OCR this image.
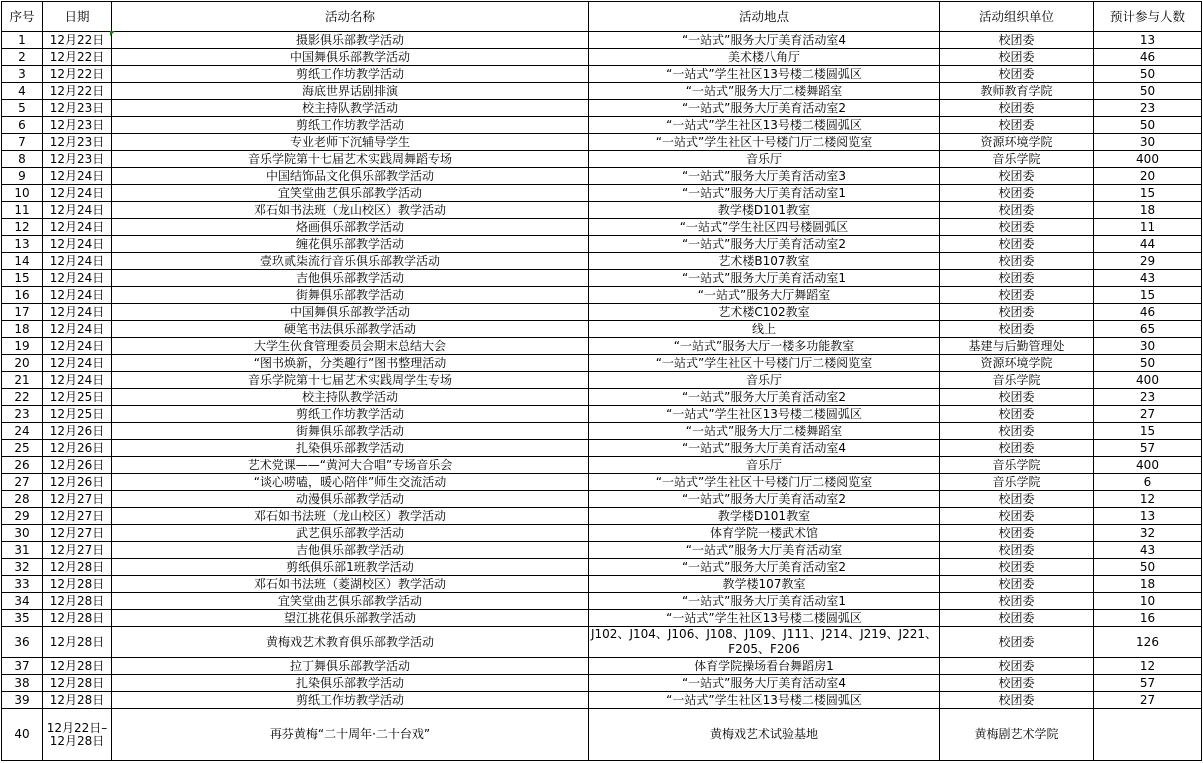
序号	日期	活动名称	活动地点	活动组织单位	预计参与人数
1	12月22日	摄影俱乐部教学活动	“一站式”服务大厅美育活动室4	校团委	13
2	12月22日	中国舞俱乐部教学活动	美术楼八角厅	校团委	46
3	12月22日	剪纸工作坊教学活动	“一站式”学生社区13号楼二楼圆弧区	校团委	50
4	12月22日	海底世界话剧排演	“一站式”服务大厅二楼舞蹈室	教师教育学院	50
5	12月23日	校主持队教学活动	“一站式”服务大厅美育活动室2	校团委	23
6	12月23日	剪纸工作坊教学活动	“一站式”学生社区13号楼二楼圆弧区	校团委	50
7	12月23日	专业老师下沉辅导学生	“一站式”学生社区十号楼门厅二楼阅览室	资源环境学院	30
8	12月23日	音乐学院第十七届艺术实践周舞蹈专场	音乐厅	音乐学院	400
9	12月24日	中国结饰品文化俱乐部教学活动	“一站式”服务大厅美育活动室3	校团委	20
10	12月24日	宜笑堂曲艺俱乐部教学活动	“一站式”服务大厅美育活动室1	校团委	15
11	12月24日	邓石如书法班（龙山校区）教学活动	教学楼D101教室	校团委	18
12	12月24日	烙画俱乐部教学活动	“一站式”学生社区四号楼圆弧区	校团委	11
13	12月24日	缠花俱乐部教学活动	“一站式”服务大厅美育活动室2	校团委	44
14	12月24日	壹玖贰柒流行音乐俱乐部教学活动	艺术楼B107教室	校团委	29
15	12月24日	吉他俱乐部教学活动	“一站式”服务大厅美育活动室1	校团委	43
16	12月24日	街舞俱乐部教学活动	“一站式”服务大厅舞蹈室	校团委	15
17	12月24日	中国舞俱乐部教学活动	艺术楼C102教室	校团委	46
18	12月24日	硬笔书法俱乐部教学活动	线上	校团委	65
19	12月24日	大学生伙食管理委员会期末总结大会	“一站式”服务大厅一楼多功能教室	基建与后勤管理处	30
20	12月24日	“图书焕新，分类趣行”图书整理活动	“一站式”学生社区十号楼门厅二楼阅览室	资源环境学院	50
21	12月24日	音乐学院第十七届艺术实践周学生专场	音乐厅	音乐学院	400
22	12月25日	校主持队教学活动	“一站式”服务大厅美育活动室2	校团委	23
23	12月25日	剪纸工作坊教学活动	“一站式”学生社区13号楼二楼圆弧区	校团委	27
24	12月26日	街舞俱乐部教学活动	“一站式”服务大厅二楼舞蹈室	校团委	15
25	12月26日	扎染俱乐部教学活动	“一站式”服务大厅美育活动室4	校团委	57
26	12月26日	艺术党课——“黄河大合唱”专场音乐会	音乐厅	音乐学院	400
27	12月26日	“谈心唠嗑，暖心陪伴”师生交流活动	“一站式”学生社区十号楼门厅二楼阅览室	音乐学院	6
28	12月27日	动漫俱乐部教学活动	“一站式”服务大厅美育活动室2	校团委	12
29	12月27日	邓石如书法班（龙山校区）教学活动	教学楼D101教室	校团委	13
30	12月27日	武艺俱乐部教学活动	体育学院一楼武术馆	校团委	32
31	12月27日	吉他俱乐部教学活动	“一站式”服务大厅美育活动室	校团委	43
32	12月28日	剪纸俱乐部1班教学活动	“一站式”服务大厅美育活动室2	校团委	50
33	12月28日	邓石如书法班（菱湖校区）教学活动	教学楼107教室	校团委	18
34	12月28日	宜笑堂曲艺俱乐部教学活动	“一站式”服务大厅美育活动室1	校团委	10
35	12月28日	望江挑花俱乐部教学活动	“一站式”学生社区13号楼二楼圆弧区	校团委	16
36	12月28日	黄梅戏艺术教育俱乐部教学活动	J102、J104、J106、J108、J109、J111、J214、J219、J221、F205、F206	校团委	126
37	12月28日	拉丁舞俱乐部教学活动	体育学院操场看台舞蹈房1	校团委	12
38	12月28日	扎染俱乐部教学活动	“一站式”服务大厅美育活动室4	校团委	57
39	12月28日	剪纸工作坊教学活动	“一站式”学生社区13号楼二楼圆弧区	校团委	27
40	12月22日–12月28日	再芬黄梅“二十周年·二十台戏”	黄梅戏艺术试验基地	黄梅剧艺术学院	
